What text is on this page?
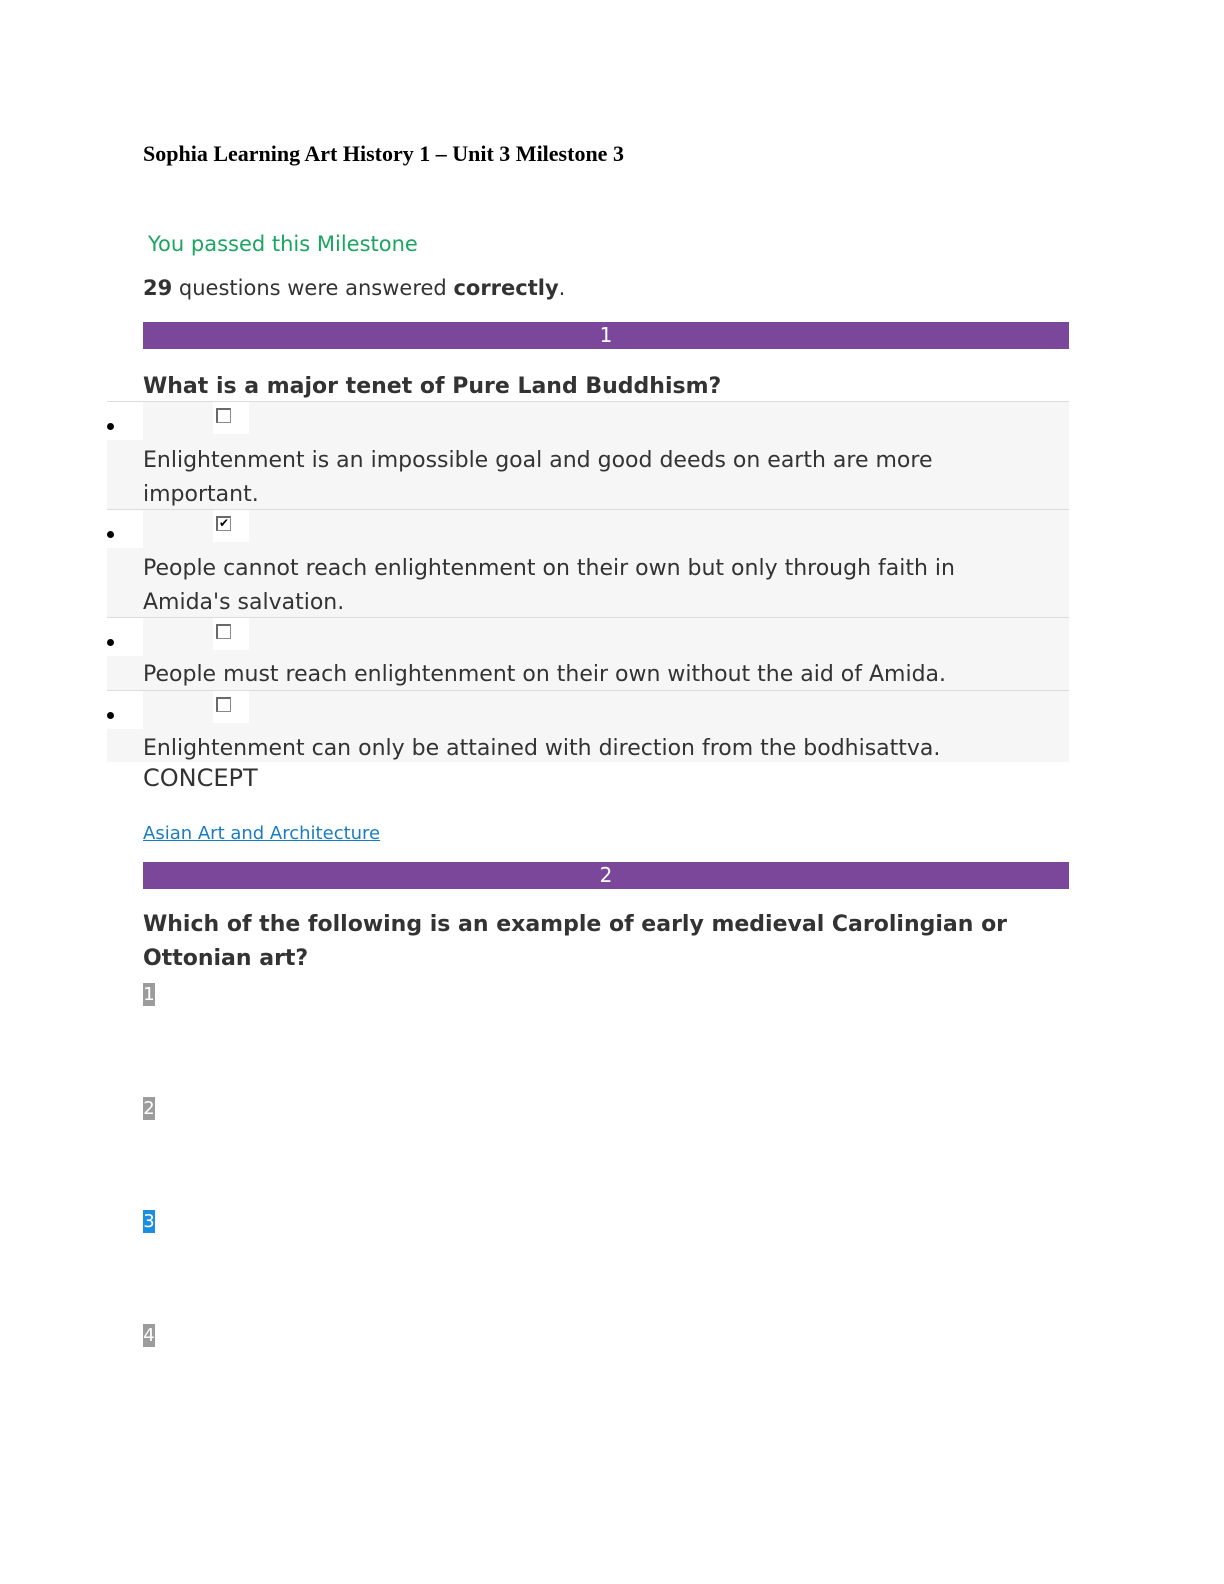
Sophia Learning Art History 1 – Unit 3 Milestone 3
You passed this Milestone
29 questions were answered correctly.
1
What is a major tenet of Pure Land Buddhism?
Enlightenment is an impossible goal and good deeds on earth are more important.
✔
People cannot reach enlightenment on their own but only through faith in Amida's salvation.
People must reach enlightenment on their own without the aid of Amida.
Enlightenment can only be attained with direction from the bodhisattva.
CONCEPT
Asian Art and Architecture
2
Which of the following is an example of early medieval Carolingian or Ottonian art?
1
2
3
4
